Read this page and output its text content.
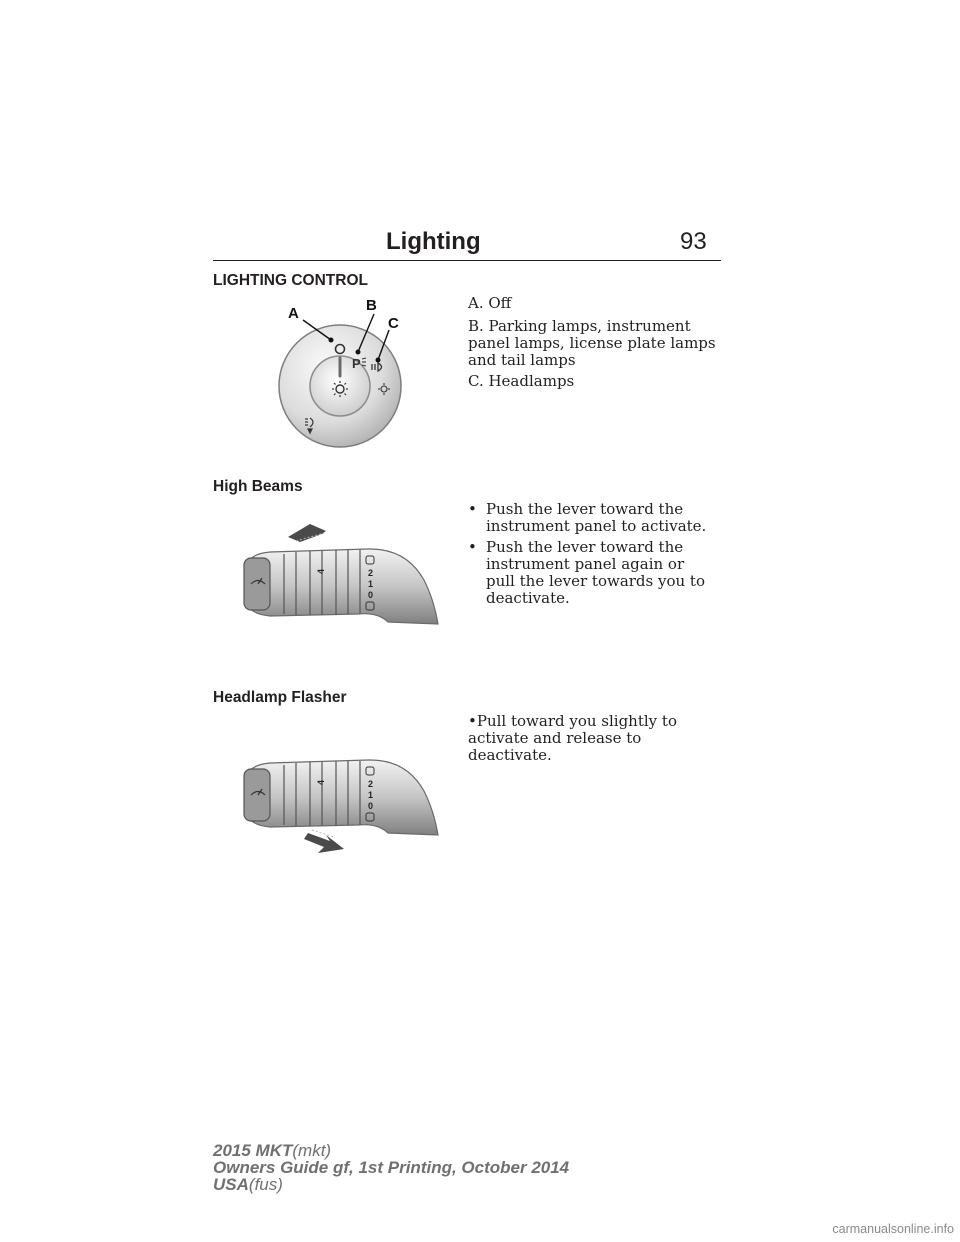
Lighting	93
LIGHTING CONTROL
P
A	B
C
A. Off
B. Parking lamps, instrument panel lamps, license plate lamps and tail lamps
C. Headlamps
High Beams
4	2
1
0
• Push the lever toward the instrument panel to activate.
• Push the lever toward the instrument panel again or pull the lever towards you to deactivate.
Headlamp Flasher
4	2
1
0
•Pull toward you slightly to activate and release to deactivate.
2015 MKT(mkt)
Owners Guide gf, 1st Printing, October 2014
USA(fus)
carmanualsonline.info
